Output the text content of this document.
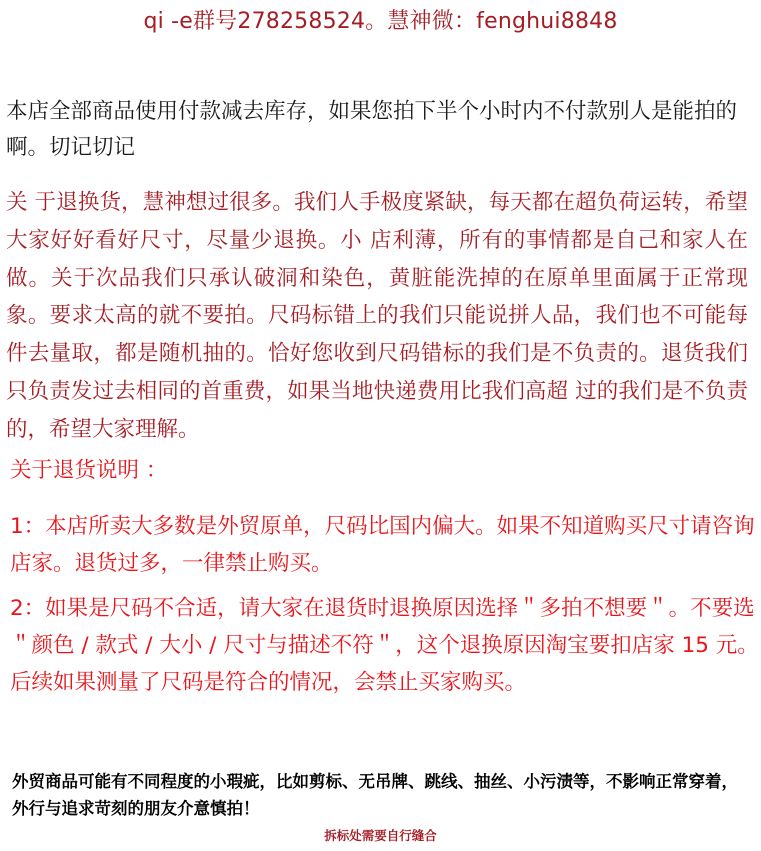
qi -e群号278258524。慧神微：fenghui8848

本店全部商品使用付款减去库存，如果您拍下半个小时内不付款别人是能拍的啊。切记切记

关 于退换货，慧神想过很多。我们人手极度紧缺，每天都在超负荷运转，希望大家好好看好尺寸，尽量少退换。小 店利薄，所有的事情都是自己和家人在做。关于次品我们只承认破洞和染色，黄脏能洗掉的在原单里面属于正常现象。要求太高的就不要拍。尺码标错上的我们只能说拼人品，我们也不可能每件去量取，都是随机抽的。恰好您收到尺码错标的我们是不负责的。退货我们只负责发过去相同的首重费，如果当地快递费用比我们高超 过的我们是不负责的，希望大家理解。

关于退货说明 ：

1：本店所卖大多数是外贸原单，尺码比国内偏大。如果不知道购买尺寸请咨询店家。退货过多，一律禁止购买。

2：如果是尺码不合适，请大家在退货时退换原因选择＂多拍不想要＂。不要选＂颜色 / 款式 / 大小 / 尺寸与描述不符＂，这个退换原因淘宝要扣店家 15 元。后续如果测量了尺码是符合的情况，会禁止买家购买。

外贸商品可能有不同程度的小瑕疵，比如剪标、无吊牌、跳线、抽丝、小污渍等，不影响正常穿着，外行与追求苛刻的朋友介意慎拍！

拆标处需要自行缝合
